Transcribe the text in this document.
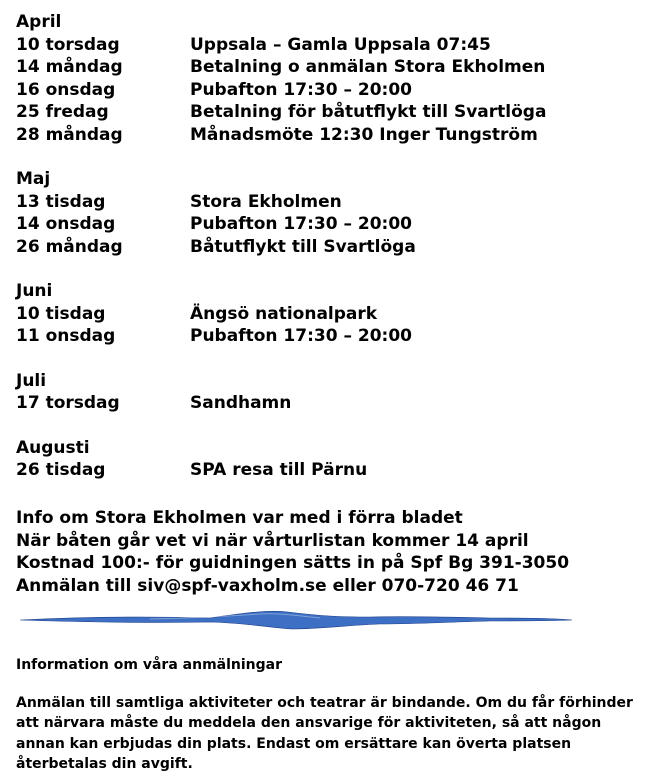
April
10 torsdag	Uppsala – Gamla Uppsala 07:45
14 måndag	Betalning o anmälan Stora Ekholmen
16 onsdag	Pubafton 17:30 – 20:00
25 fredag	Betalning för båtutflykt till Svartlöga
28 måndag	Månadsmöte 12:30 Inger Tungström
Maj
13 tisdag	Stora Ekholmen
14 onsdag	Pubafton 17:30 – 20:00
26 måndag	Båtutflykt till Svartlöga
Juni
10 tisdag	Ängsö nationalpark
11 onsdag	Pubafton 17:30 – 20:00
Juli
17 torsdag	Sandhamn
Augusti
26 tisdag	SPA resa till Pärnu
Info om Stora Ekholmen var med i förra bladet
När båten går vet vi när vårturlistan kommer 14 april
Kostnad 100:- för guidningen sätts in på Spf Bg 391-3050
Anmälan till siv@spf-vaxholm.se eller 070-720 46 71
Information om våra anmälningar
Anmälan till samtliga aktiviteter och teatrar är bindande. Om du får förhinder
att närvara måste du meddela den ansvarige för aktiviteten, så att någon
annan kan erbjudas din plats. Endast om ersättare kan överta platsen
återbetalas din avgift.
